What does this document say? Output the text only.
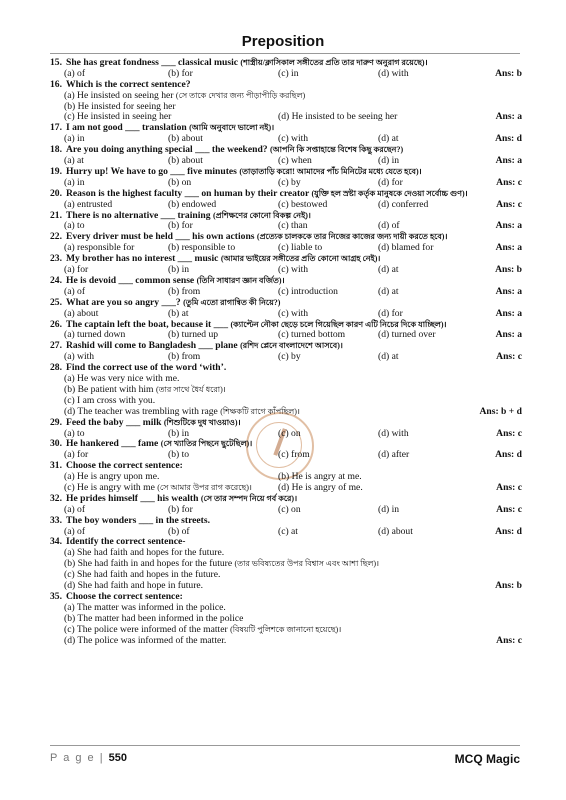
Preposition
15. She has great fondness ___ classical music (শাস্ত্রীয়/ক্লাসিকাল সঙ্গীতের প্রতি তার দারুণ অনুরাগ রয়েছে)।
(a) of	(b) for	(c) in	(d) with	Ans: b
16. Which is the correct sentence?
(a) He insisted on seeing her (সে তাকে দেখার জন্য পীড়াপীড়ি করছিল)
(b) He insisted for seeing her
(c) He insisted in seeing her	(d) He insisted to be seeing her	Ans: a
17. I am not good ___ translation (আমি অনুবাদে ভালো নই)।
(a) in	(b) about	(c) with	(d) at	Ans: d
18. Are you doing anything special ___ the weekend? (আপনি কি সপ্তাহান্তে বিশেষ কিছু করছেন?)
(a) at	(b) about	(c) when	(d) in	Ans: a
19. Hurry up! We have to go ___ five minutes (তাড়াতাড়ি করো! আমাদের পাঁচ মিনিটের মধ্যে যেতে হবে)।
(a) in	(b) on	(c) by	(d) for	Ans: c
20. Reason is the highest faculty ___ on human by their creator (যুক্তি হল স্রষ্টা কর্তৃক মানুষকে দেওয়া সর্বোচ্চ গুণ)।
(a) entrusted	(b) endowed	(c) bestowed	(d) conferred	Ans: c
21. There is no alternative ___ training (প্রশিক্ষণের কোনো বিকল্প নেই)।
(a) to	(b) for	(c) than	(d) of	Ans: a
22. Every driver must be held ___ his own actions (প্রত্যেক চালককে তার নিজের কাজের জন্য দায়ী করতে হবে)।
(a) responsible for	(b) responsible to	(c) liable to	(d) blamed for	Ans: a
23. My brother has no interest ___ music (আমার ভাইয়ের সঙ্গীতের প্রতি কোনো আগ্রহ নেই)।
(a) for	(b) in	(c) with	(d) at	Ans: b
24. He is devoid ___ common sense (তিনি সাধারণ জ্ঞান বর্জিত)।
(a) of	(b) from	(c) introduction	(d) at	Ans: a
25. What are you so angry ___? (তুমি এতো রাগান্বিত কী নিয়ে?)
(a) about	(b) at	(c) with	(d) for	Ans: a
26. The captain left the boat, because it ___ (ক্যাপ্টেন নৌকা ছেড়ে চলে গিয়েছিল কারণ এটি নিচের দিকে যাচ্ছিল)।
(a) turned down	(b) turned up	(c) turned bottom	(d) turned over	Ans: a
27. Rashid will come to Bangladesh ___ plane (রশিদ প্লেনে বাংলাদেশে আসবে)।
(a) with	(b) from	(c) by	(d) at	Ans: c
28. Find the correct use of the word ‘with’.
(a) He was very nice with me.
(b) Be patient with him (তার সাথে ধৈর্য ধরো)।
(c) I am cross with you.
(d) The teacher was trembling with rage (শিক্ষকটি রাগে কাঁপছিল)।	Ans: b + d
29. Feed the baby ___ milk (শিশুটিকে দুধ খাওয়াও)।
(a) to	(b) in	(c) on	(d) with	Ans: c
30. He hankered ___ fame (সে খ্যাতির পিছনে ছুটেছিল)।
(a) for	(b) to	(c) from	(d) after	Ans: d
31. Choose the correct sentence:
(a) He is angry upon me.	(b) He is angry at me.
(c) He is angry with me (সে আমার উপর রাগ করেছে)।	(d) He is angry of me.	Ans: c
32. He prides himself ___ his wealth (সে তার সম্পদ নিয়ে গর্ব করে)।
(a) of	(b) for	(c) on	(d) in	Ans: c
33. The boy wonders ___ in the streets.
(a) of	(b) of	(c) at	(d) about	Ans: d
34. Identify the correct sentence-
(a) She had faith and hopes for the future.
(b) She had faith in and hopes for the future (তার ভবিষ্যতের উপর বিশ্বাস এবং আশা ছিল)।
(c) She had faith and hopes in the future.
(d) She had faith and hope in future.	Ans: b
35. Choose the correct sentence:
(a) The matter was informed in the police.
(b) The matter had been informed in the police
(c) The police were informed of the matter (বিষয়টি পুলিশকে জানানো হয়েছে)।
(d) The police was informed of the matter.	Ans: c
P a g e | 550	MCQ Magic
